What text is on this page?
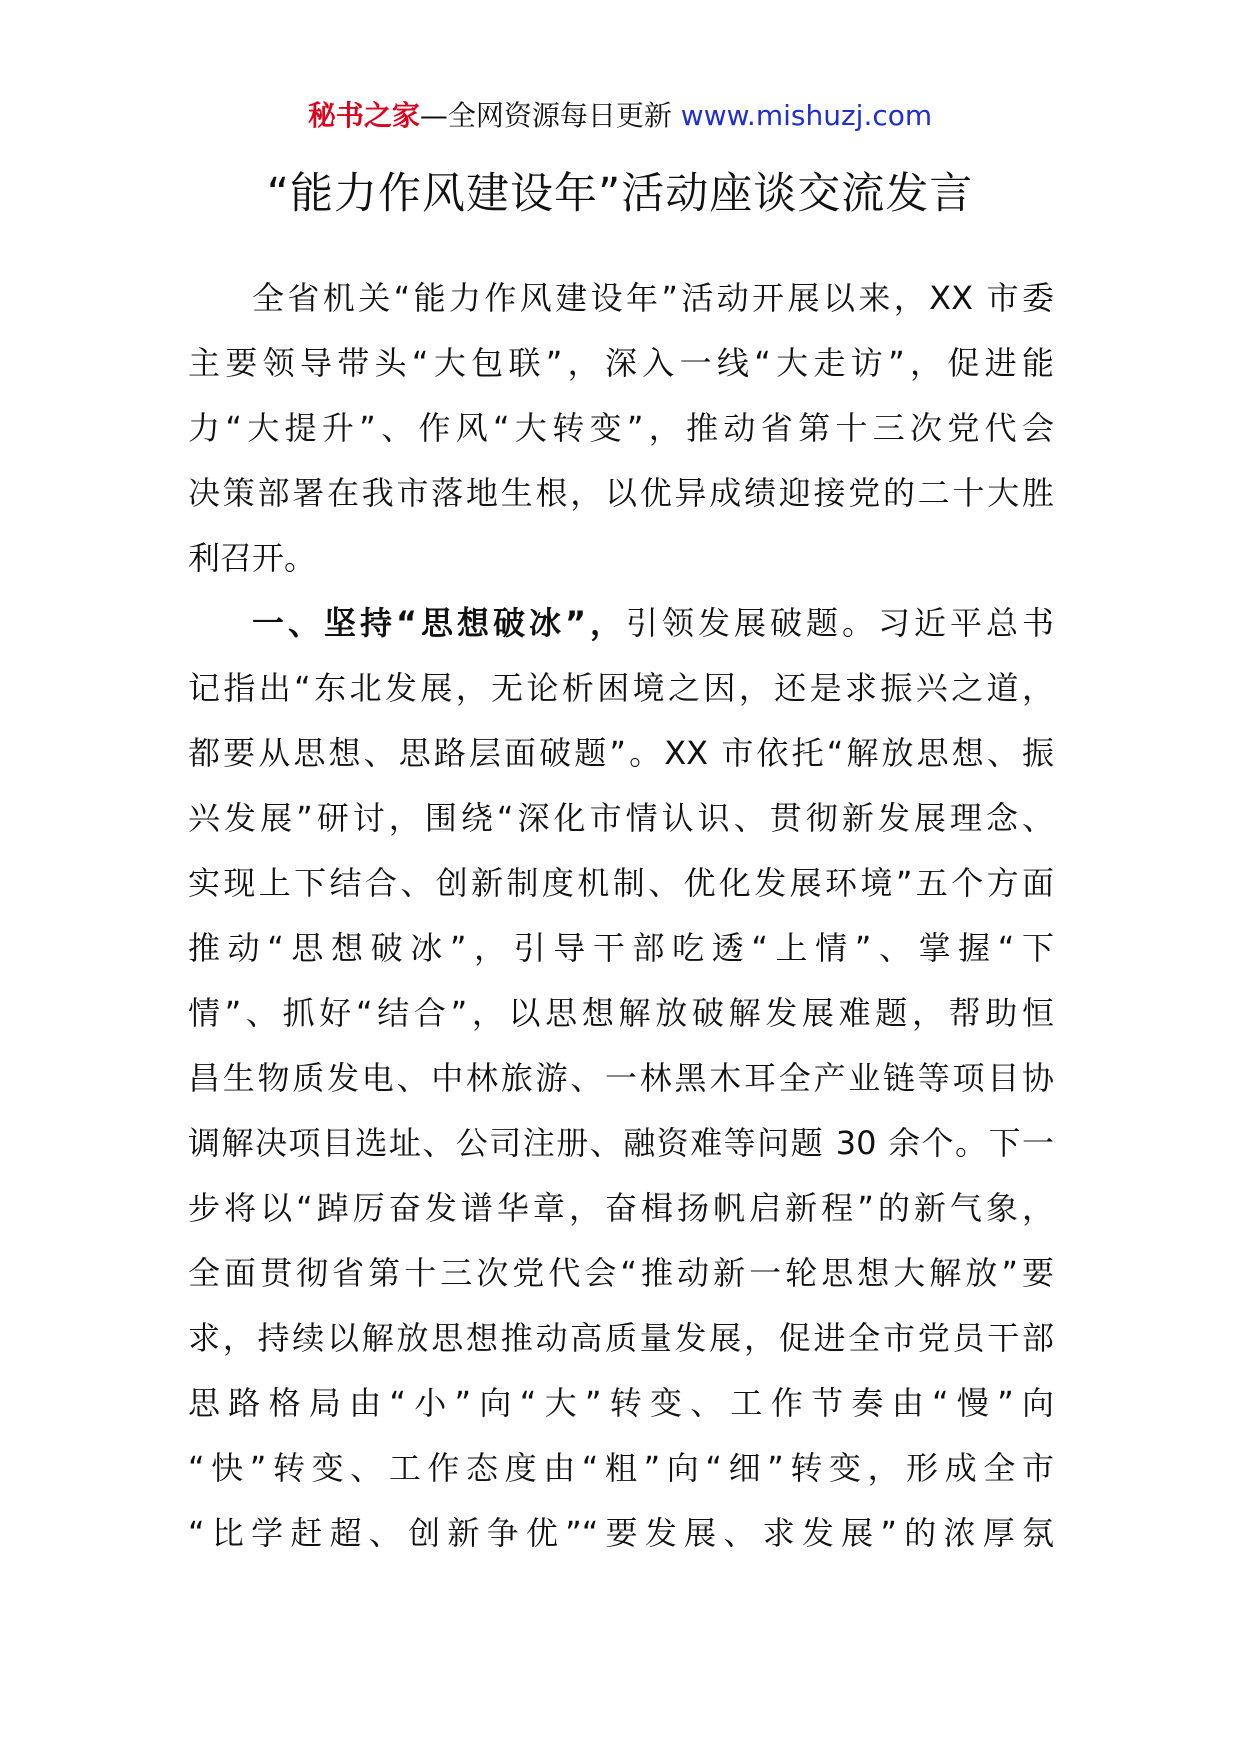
秘书之家—全网资源每日更新 www.mishuzj.com
“能力作风建设年”活动座谈交流发言
全省机关“能力作风建设年”活动开展以来，XX 市委
主要领导带头“大包联”，深入一线“大走访”，促进能
力“大提升”、作风“大转变”，推动省第十三次党代会
决策部署在我市落地生根，以优异成绩迎接党的二十大胜
利召开。
一、坚持“思想破冰”，引领发展破题。习近平总书
记指出“东北发展，无论析困境之因，还是求振兴之道，
都要从思想、思路层面破题”。XX 市依托“解放思想、振
兴发展”研讨，围绕“深化市情认识、贯彻新发展理念、
实现上下结合、创新制度机制、优化发展环境”五个方面
推动“思想破冰”，引导干部吃透“上情”、掌握“下
情”、抓好“结合”，以思想解放破解发展难题，帮助恒
昌生物质发电、中林旅游、一林黑木耳全产业链等项目协
调解决项目选址、公司注册、融资难等问题 30 余个。下一
步将以“踔厉奋发谱华章，奋楫扬帆启新程”的新气象，
全面贯彻省第十三次党代会“推动新一轮思想大解放”要
求，持续以解放思想推动高质量发展，促进全市党员干部
思路格局由“小”向“大”转变、工作节奏由“慢”向
“快”转变、工作态度由“粗”向“细”转变，形成全市
“比学赶超、创新争优”“要发展、求发展”的浓厚氛
